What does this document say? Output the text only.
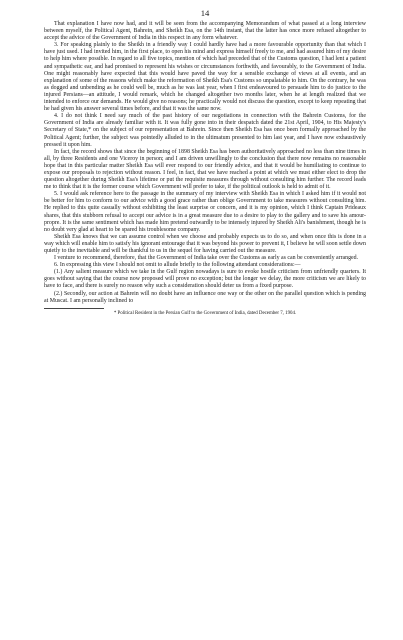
14

That explanation I have now had, and it will be seen from the accompanying Memorandum of what passed at a long interview between myself, the Political Agent, Bahrein, and Sheikh Esa, on the 14th instant, that the latter has once more refused altogether to accept the advice of the Government of India in this respect in any form whatever.

3. For speaking plainly to the Sheikh in a friendly way I could hardly have had a more favourable opportunity than that which I have just used. I had invited him, in the first place, to open his mind and express himself freely to me, and had assured him of my desire to help him where possible. In regard to all five topics, mention of which had preceded that of the Customs question, I had lent a patient and sympathetic ear, and had promised to represent his wishes or circumstances forthwith, and favourably, to the Government of India. One might reasonably have expected that this would have paved the way for a sensible exchange of views at all events, and an explanation of some of the reasons which make the reformation of Sheikh Esa's Customs so unpalatable to him. On the contrary, he was as dogged and unbending as he could well be, much as he was last year, when I first endeavoured to persuade him to do justice to the injured Persians—an attitude, I would remark, which he changed altogether two months later, when he at length realized that we intended to enforce our demands. He would give no reasons; he practically would not discuss the question, except to keep repeating that he had given his answer several times before, and that it was the same now.

4. I do not think I need say much of the past history of our negotiations in connection with the Bahrein Customs, for the Government of India are already familiar with it. It was fully gone into in their despatch dated the 21st April, 1904, to His Majesty's Secretary of State,* on the subject of our representation at Bahrein. Since then Sheikh Esa has once been formally approached by the Political Agent; further, the subject was pointedly alluded to in the ultimatum presented to him last year, and I have now exhaustively pressed it upon him.

In fact, the record shows that since the beginning of 1898 Sheikh Esa has been authoritatively approached no less than nine times in all, by three Residents and one Viceroy in person; and I am driven unwillingly to the conclusion that there now remains no reasonable hope that in this particular matter Sheikh Esa will ever respond to our friendly advice, and that it would be humiliating to continue to expose our proposals to rejection without reason. I feel, in fact, that we have reached a point at which we must either elect to drop the question altogether during Sheikh Esa's lifetime or put the requisite measures through without consulting him further. The record leads me to think that it is the former course which Government will prefer to take, if the political outlook is held to admit of it.

5. I would ask reference here to the passage in the summary of my interview with Sheikh Esa in which I asked him if it would not be better for him to conform to our advice with a good grace rather than oblige Government to take measures without consulting him. He replied to this quite casually without exhibiting the least surprise or concern, and it is my opinion, which I think Captain Prideaux shares, that this stubborn refusal to accept our advice is in a great measure due to a desire to play to the gallery and to save his amour-propre. It is the same sentiment which has made him pretend outwardly to be intensely injured by Sheikh Ali's banishment, though he is no doubt very glad at heart to be spared his troublesome company.

Sheikh Esa knows that we can assume control when we choose and probably expects us to do so, and when once this is done in a way which will enable him to satisfy his ignorant entourage that it was beyond his power to prevent it, I believe he will soon settle down quietly to the inevitable and will be thankful to us in the sequel for having carried out the measure.

I venture to recommend, therefore, that the Government of India take over the Customs as early as can be conveniently arranged.

6. In expressing this view I should not omit to allude briefly to the following attendant considerations:—

(1.) Any salient measure which we take in the Gulf region nowadays is sure to evoke hostile criticism from unfriendly quarters. It goes without saying that the course now proposed will prove no exception; but the longer we delay, the more criticism we are likely to have to face, and there is surely no reason why such a consideration should deter us from a fixed purpose.

(2.) Secondly, our action at Bahrein will no doubt have an influence one way or the other on the parallel question which is pending at Muscat. I am personally inclined to

* Political Resident in the Persian Gulf to the Government of India, dated December 7, 1904.
